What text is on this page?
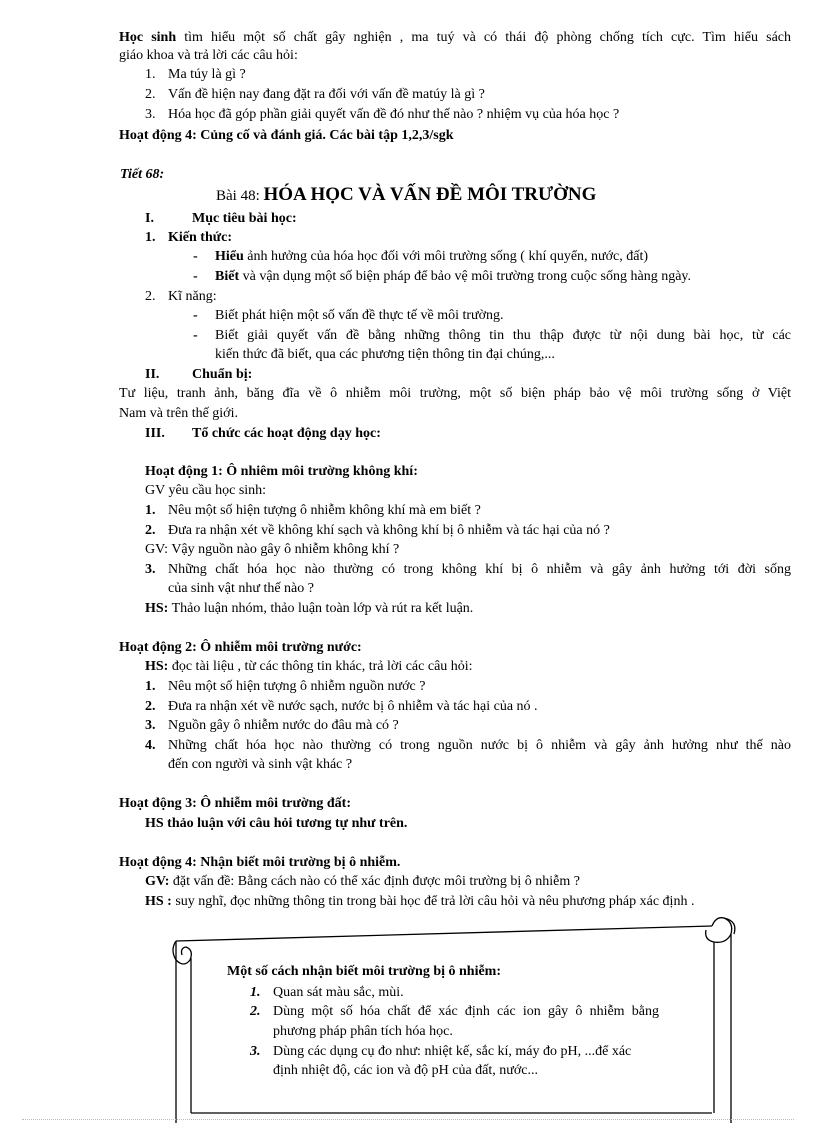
Học sinh tìm hiểu một số chất gây nghiện , ma tuý và có thái độ phòng chống tích cực. Tìm hiểu sách
giáo khoa và trả lời các câu hỏi:
1. Ma túy là gì ?
2. Vấn đề hiện nay đang đặt ra đối với vấn đề matúy là gì ?
3. Hóa học đã góp phần giải quyết vấn đề đó như thế nào ? nhiệm vụ của hóa học ?
Hoạt động 4: Củng cố và đánh giá. Các bài tập 1,2,3/sgk
Tiết 68:
Bài 48: HÓA HỌC VÀ VẤN ĐỀ MÔI TRƯỜNG
I.	Mục tiêu bài học:
1. Kiến thức:
- Hiểu ảnh hưởng của hóa học đối với môi trường sống ( khí quyển, nước, đất)
- Biết và vận dụng một số biện pháp để bảo vệ môi trường trong cuộc sống hàng ngày.
2. Kĩ năng:
- Biết phát hiện một số vấn đề thực tế về môi trường.
- Biết giải quyết vấn đề bằng những thông tin thu thập được từ nội dung bài học, từ các
kiến thức đã biết, qua các phương tiện thông tin đại chúng,...
II. Chuẩn bị:
Tư liệu, tranh ảnh, băng đĩa về ô nhiễm môi trường, một số biện pháp bảo vệ môi trường sống ở Việt
Nam và trên thế giới.
III. Tổ chức các hoạt động dạy học:
Hoạt động 1: Ô nhiêm môi trường không khí:
GV yêu cầu học sinh:
1. Nêu một số hiện tượng ô nhiễm không khí mà em biết ?
2. Đưa ra nhận xét về không khí sạch và không khí bị ô nhiễm và tác hại của nó ?
GV: Vậy nguồn nào gây ô nhiễm không khí ?
3. Những chất hóa học nào thường có trong không khí bị ô nhiễm và gây ảnh hưởng tới đời sống
của sinh vật như thế nào ?
HS: Thảo luận nhóm, thảo luận toàn lớp và rút ra kết luận.
Hoạt động 2: Ô nhiễm môi trường nước:
HS: đọc tài liệu , từ các thông tin khác, trả lời các câu hỏi:
1. Nêu một số hiện tượng ô nhiễm nguồn nước ?
2. Đưa ra nhận xét về nước sạch, nước bị ô nhiễm và tác hại của nó .
3. Nguồn gây ô nhiễm nước do đâu mà có ?
4. Những chất hóa học nào thường có trong nguồn nước bị ô nhiễm và gây ảnh hưởng như thế nào
đến con người và sinh vật khác ?
Hoạt động 3: Ô nhiễm môi trường đất:
HS thảo luận với câu hỏi tương tự như trên.
Hoạt động 4: Nhận biết môi trường bị ô nhiễm.
GV: đặt vấn đề: Bằng cách nào có thể xác định được môi trường bị ô nhiễm ?
HS : suy nghĩ, đọc những thông tin trong bài học để trả lời câu hỏi và nêu phương pháp xác định .
Một số cách nhận biết môi trường bị ô nhiễm:
1. Quan sát màu sắc, mùi.
2. Dùng một số hóa chất để xác định các ion gây ô nhiễm bằng
phương pháp phân tích hóa học.
3. Dùng các dụng cụ đo như: nhiệt kế, sắc kí, máy đo pH, ...để xác
định nhiệt độ, các ion và độ pH của đất, nước...
